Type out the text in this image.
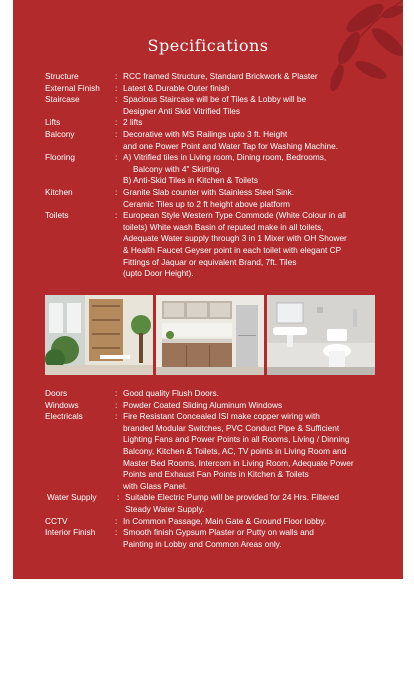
Specifications
Structure	: RCC framed Structure, Standard Brickwork & Plaster
External Finish	: Latest & Durable Outer finish
Staircase	: Spacious Staircase will be of Tiles & Lobby will be
Designer Anti Skid Vitrified Tiles
Lifts	: 2 lifts
Balcony	: Decorative with MS Railings upto 3 ft. Height
and one Power Point and Water Tap for Washing Machine.
Flooring	: A) Vitrified tiles in Living room, Dining room, Bedrooms,
Balcony with 4" Skirting.
B) Anti-Skid Tiles in Kitchen & Toilets
Kitchen	: Granite Slab counter with Stainless Steel Sink.
Ceramic Tiles up to 2 ft height above platform
Toilets	: European Style Western Type Commode (White Colour in all
toilets) White wash Basin of reputed make in all toilets,
Adequate Water supply through 3 in 1 Mixer with OH Shower
& Health Faucet Geyser point in each toilet with elegant CP
Fittings of Jaquar or equivalent Brand, 7ft. Tiles
(upto Door Height).
Doors	: Good quality Flush Doors.
Windows	: Powder Coated Sliding Aluminum Windows
Electricals	: Fire Resistant Concealed ISI make copper wiring with
branded Modular Switches, PVC Conduct Pipe & Sufficient
Lighting Fans and Power Points in all Rooms, Living / Dinning
Balcony, Kitchen & Toilets, AC, TV points in Living Room and
Master Bed Rooms, Intercom in Living Room, Adequate Power
Points and Exhaust Fan Points in Kitchen & Toilets
with Glass Panel.
Water Supply	: Suitable Electric Pump will be provided for 24 Hrs. Filtered
Steady Water Supply.
CCTV	: In Common Passage, Main Gate & Ground Floor lobby.
Interior Finish	: Smooth finish Gypsum Plaster or Putty on walls and
Painting in Lobby and Common Areas only.
